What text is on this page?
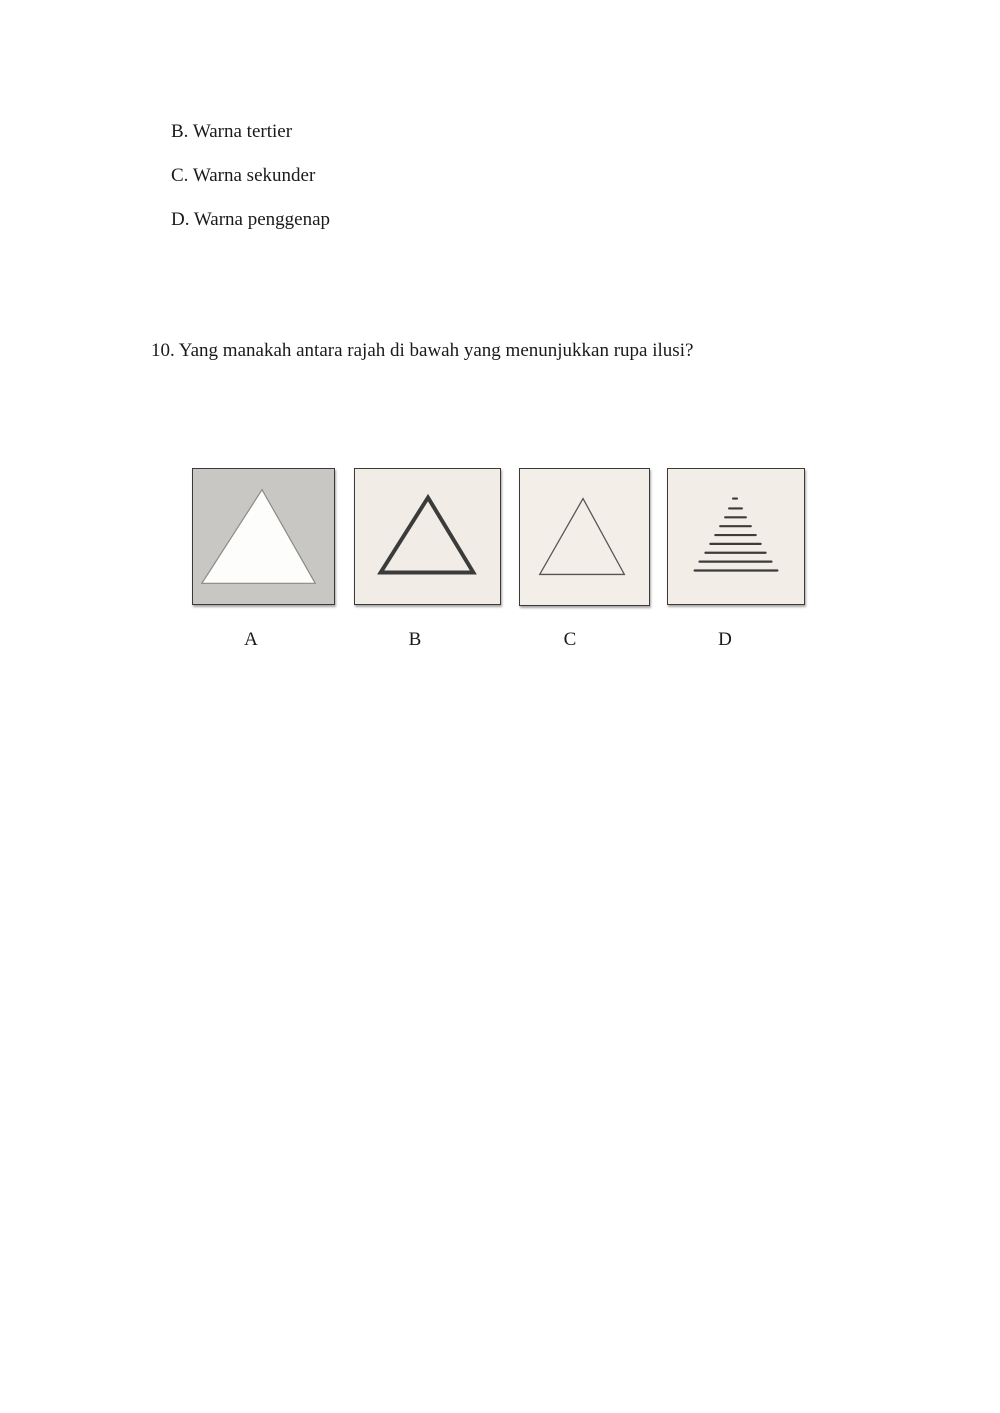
B. Warna tertier
C. Warna sekunder
D. Warna penggenap
10. Yang manakah antara rajah di bawah yang menunjukkan rupa ilusi?
A	B	C	D
